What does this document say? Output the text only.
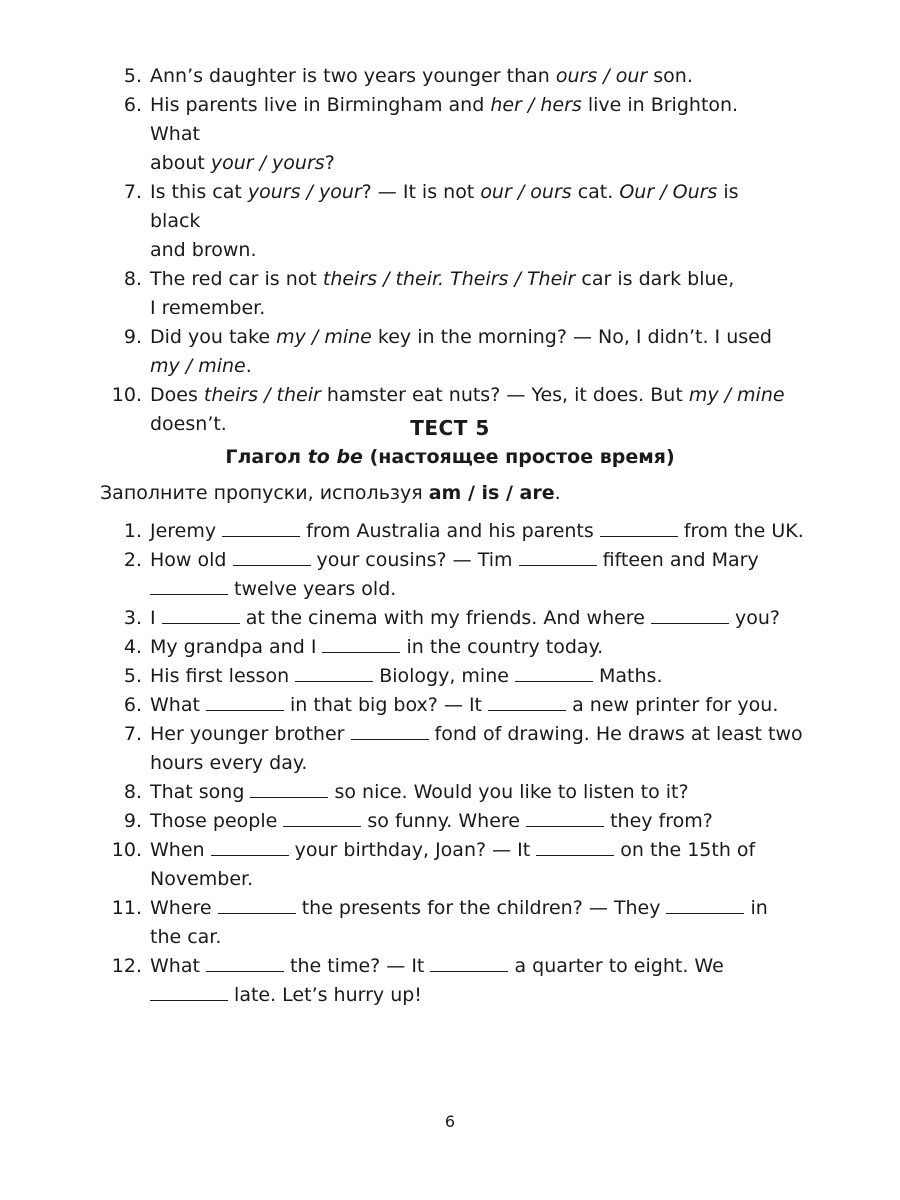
5. Ann’s daughter is two years younger than ours / our son.
6. His parents live in Birmingham and her / hers live in Brighton. What
about your / yours?
7. Is this cat yours / your? — It is not our / ours cat. Our / Ours is black
and brown.
8. The red car is not theirs / their. Theirs / Their car is dark blue,
I remember.
9. Did you take my / mine key in the morning? — No, I didn’t. I used
my / mine.
10. Does theirs / their hamster eat nuts? — Yes, it does. But my / mine
doesn’t.	ТЕСТ 5
Глагол to be (настоящее простое время)
Заполните пропуски, используя am / is / are.
1. Jeremy	from Australia and his parents	from the UK.
2. How old	your cousins? — Tim	fifteen and Mary
twelve years old.
3. I	at the cinema with my friends. And where	you?
4. My grandpa and I	in the country today.
5. His first lesson	Biology, mine	Maths.
6. What	in that big box? — It	a new printer for you.
7. Her younger brother	fond of drawing. He draws at least two
hours every day.
8. That song	so nice. Would you like to listen to it?
9. Those people	so funny. Where	they from?
10. When	your birthday, Joan? — It	on the 15th of
November.
11. Where	the presents for the children? — They	in
the car.
12. What	the time? — It	a quarter to eight. We
late. Let’s hurry up!
6
